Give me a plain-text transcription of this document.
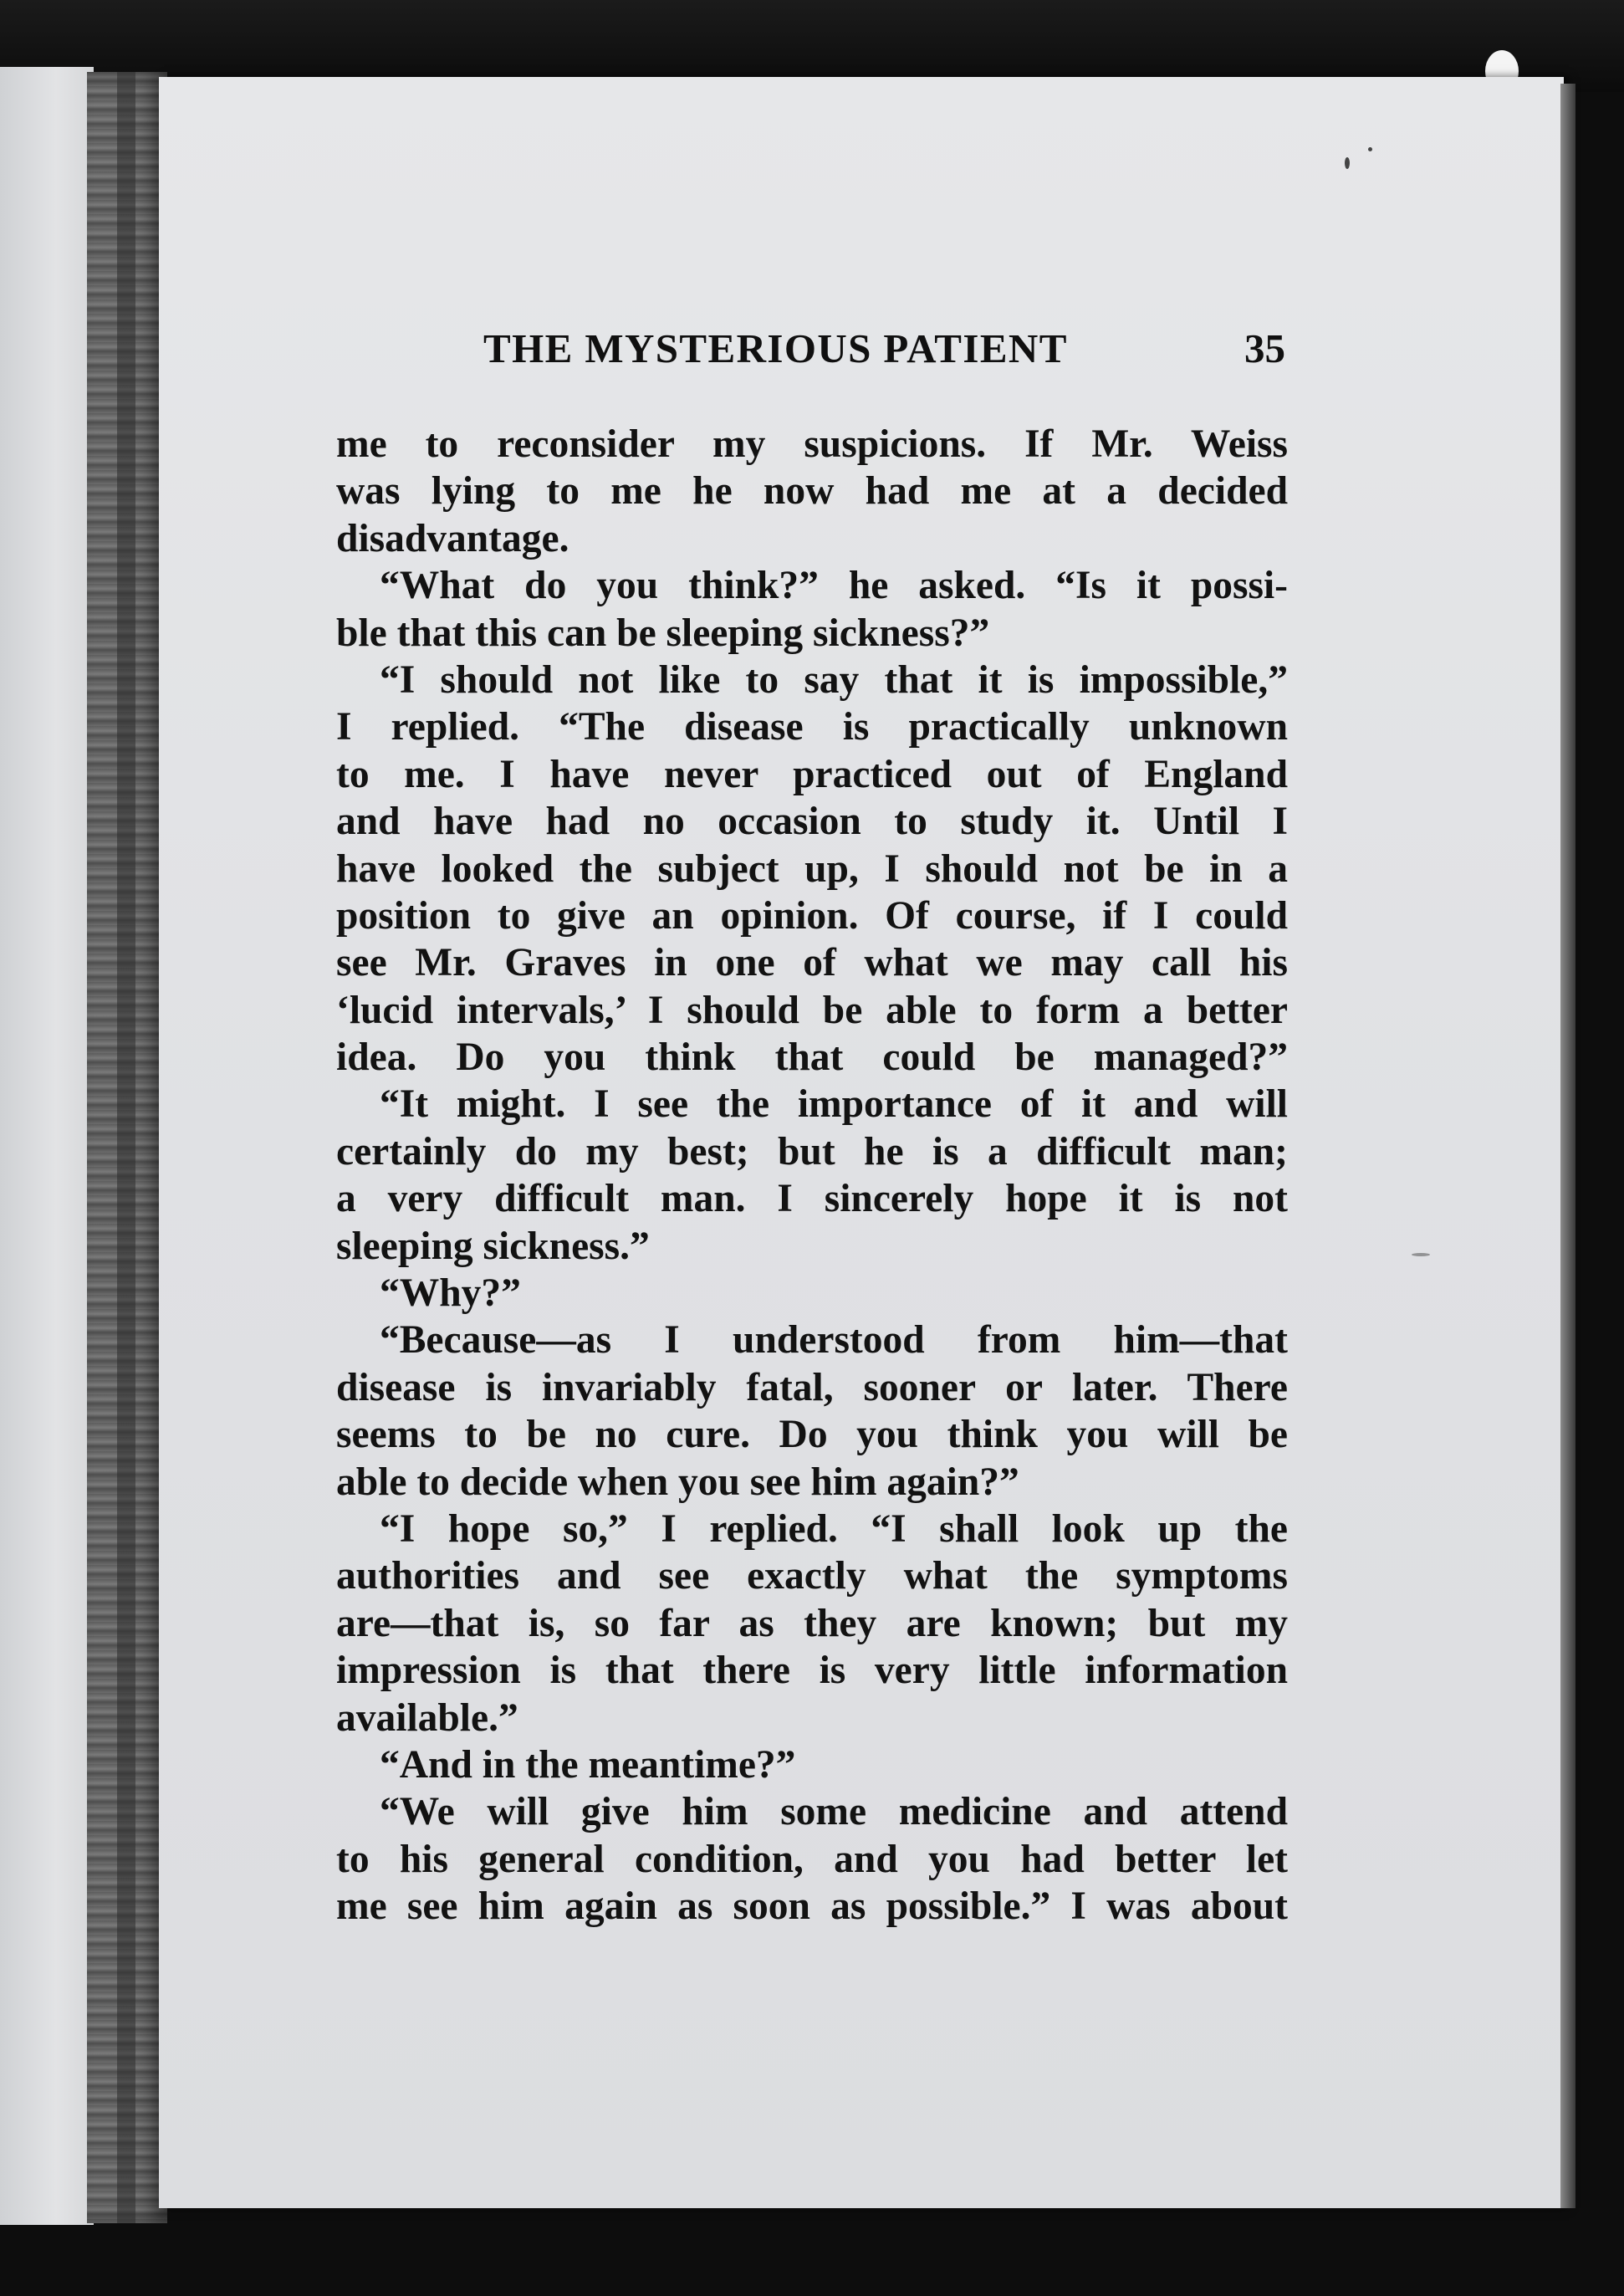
THE MYSTERIOUS PATIENT	35
me to reconsider my suspicions. If Mr. Weiss
was lying to me he now had me at a decided
disadvantage.
“What do you think?” he asked. “Is it possi-
ble that this can be sleeping sickness?”
“I should not like to say that it is impossible,”
I replied. “The disease is practically unknown
to me. I have never practiced out of England
and have had no occasion to study it. Until I
have looked the subject up, I should not be in a
position to give an opinion. Of course, if I could
see Mr. Graves in one of what we may call his
‘lucid intervals,’ I should be able to form a better
idea. Do you think that could be managed?”
“It might. I see the importance of it and will
certainly do my best; but he is a difficult man;
a very difficult man. I sincerely hope it is not
sleeping sickness.”
“Why?”
“Because—as I understood from him—that
disease is invariably fatal, sooner or later. There
seems to be no cure. Do you think you will be
able to decide when you see him again?”
“I hope so,” I replied. “I shall look up the
authorities and see exactly what the symptoms
are—that is, so far as they are known; but my
impression is that there is very little information
available.”
“And in the meantime?”
“We will give him some medicine and attend
to his general condition, and you had better let
me see him again as soon as possible.” I was about
